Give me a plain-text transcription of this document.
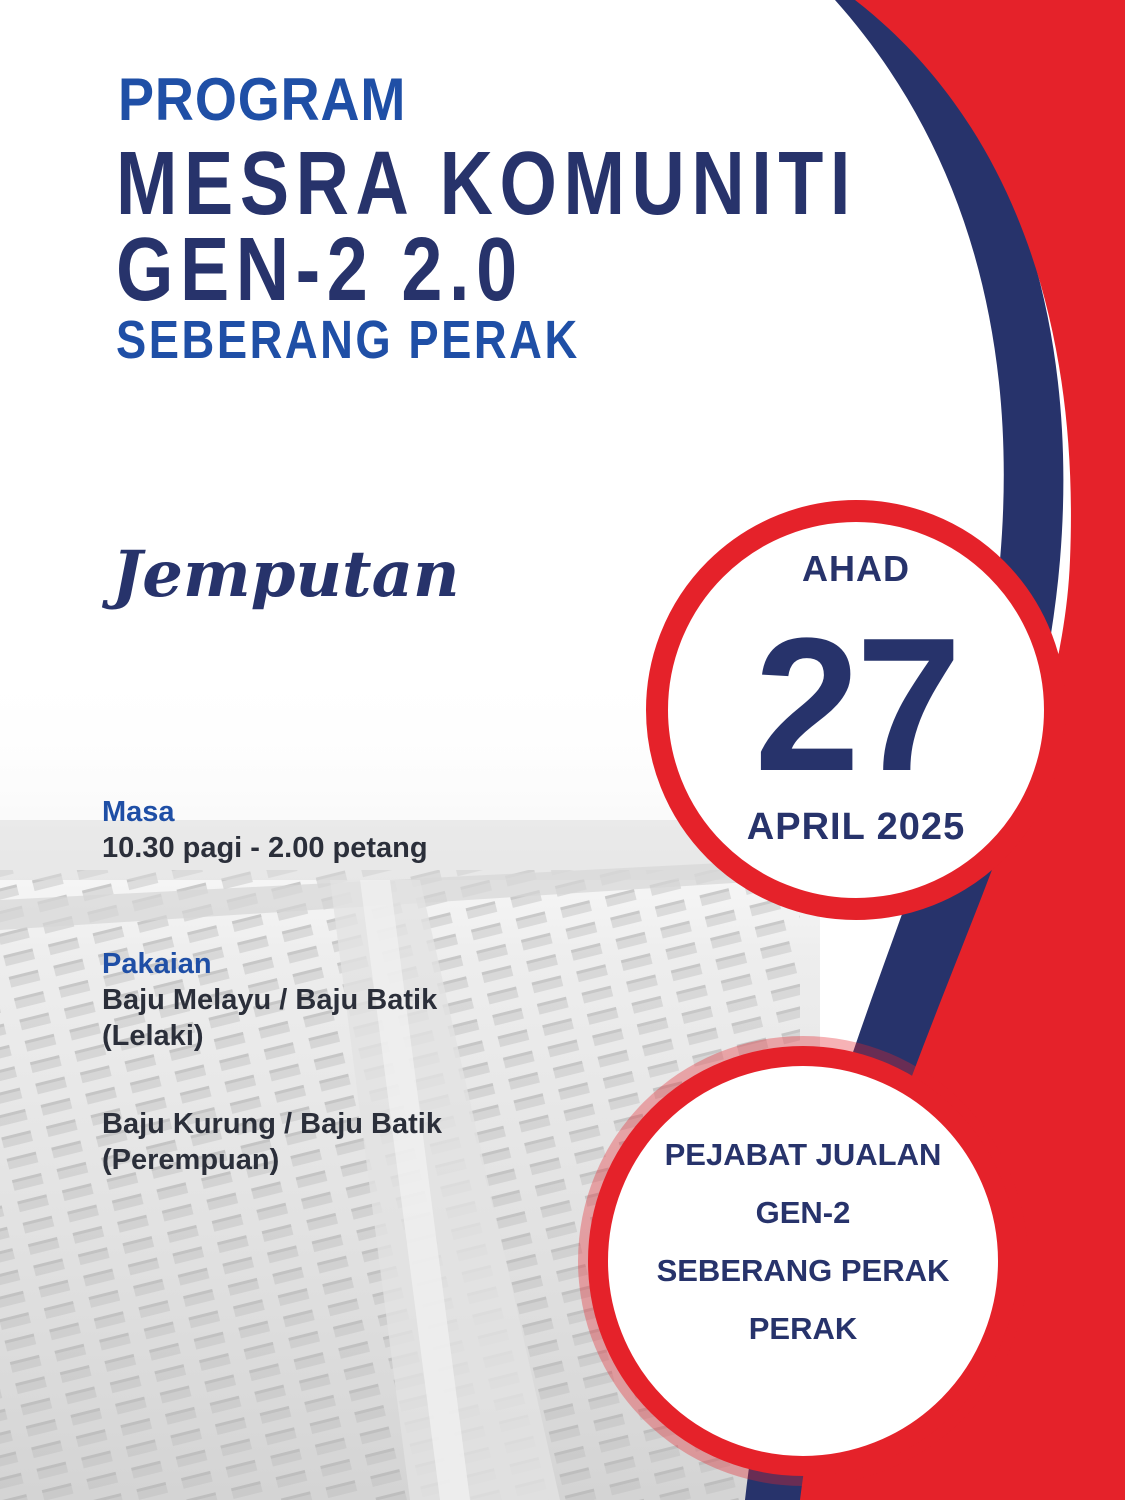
PROGRAM
MESRA KOMUNITI
GEN-2 2.0
SEBERANG PERAK
Jemputan
Masa
10.30 pagi - 2.00 petang
Pakaian
Baju Melayu / Baju Batik
(Lelaki)
Baju Kurung / Baju Batik
(Perempuan)
AHAD
27
APRIL 2025
PEJABAT JUALAN
GEN-2
SEBERANG PERAK
PERAK
